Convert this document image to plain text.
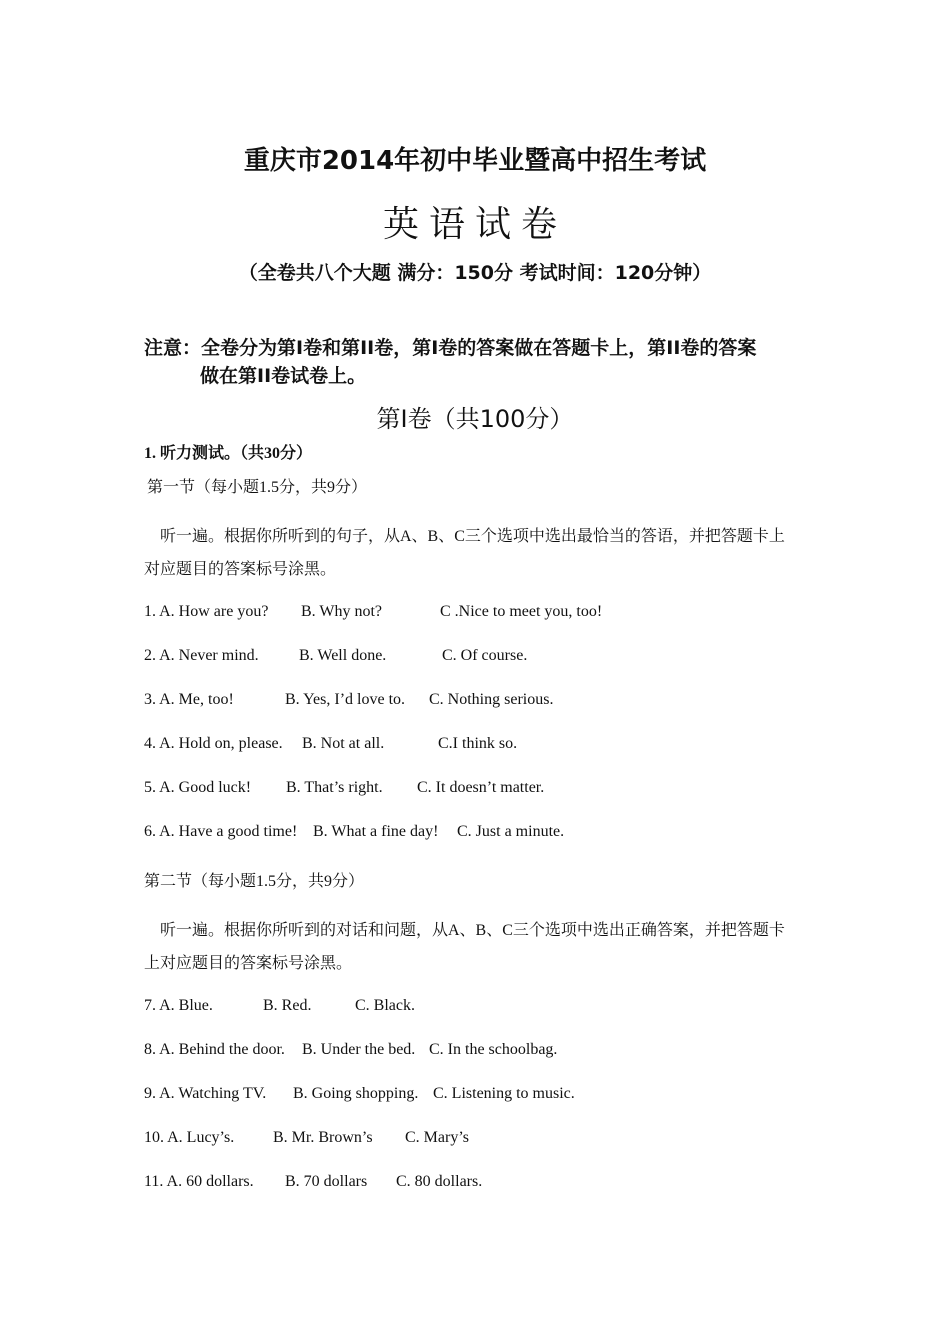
重庆市2014年初中毕业暨高中招生考试
英语试卷
（全卷共八个大题 满分：150分 考试时间：120分钟）
注意：全卷分为第I卷和第II卷，第I卷的答案做在答题卡上，第II卷的答案
做在第II卷试卷上。
第I卷（共100分）
1. 听力测试。（共30分）
第一节（每小题1.5分，共9分）
听一遍。根据你所听到的句子，从A、B、C三个选项中选出最恰当的答语，并把答题卡上
对应题目的答案标号涂黑。
1. A. How are you? B. Why not?	C .Nice to meet you, too!
2. A. Never mind.	B. Well done.	C. Of course.
3. A. Me, too!	B. Yes, I’d love to. C. Nothing serious.
4. A. Hold on, please. B. Not at all.	C.I think so.
5. A. Good luck! B. That’s right. C. It doesn’t matter.
6. A. Have a good time! B. What a fine day! C. Just a minute.
第二节（每小题1.5分，共9分）
听一遍。根据你所听到的对话和问题，从A、B、C三个选项中选出正确答案，并把答题卡
上对应题目的答案标号涂黑。
7. A. Blue.	B. Red.	C. Black.
8. A. Behind the door. B. Under the bed. C. In the schoolbag.
9. A. Watching TV. B. Going shopping. C. Listening to music.
10. A. Lucy’s. B. Mr. Brown’s C. Mary’s
11. A. 60 dollars. B. 70 dollars C. 80 dollars.
